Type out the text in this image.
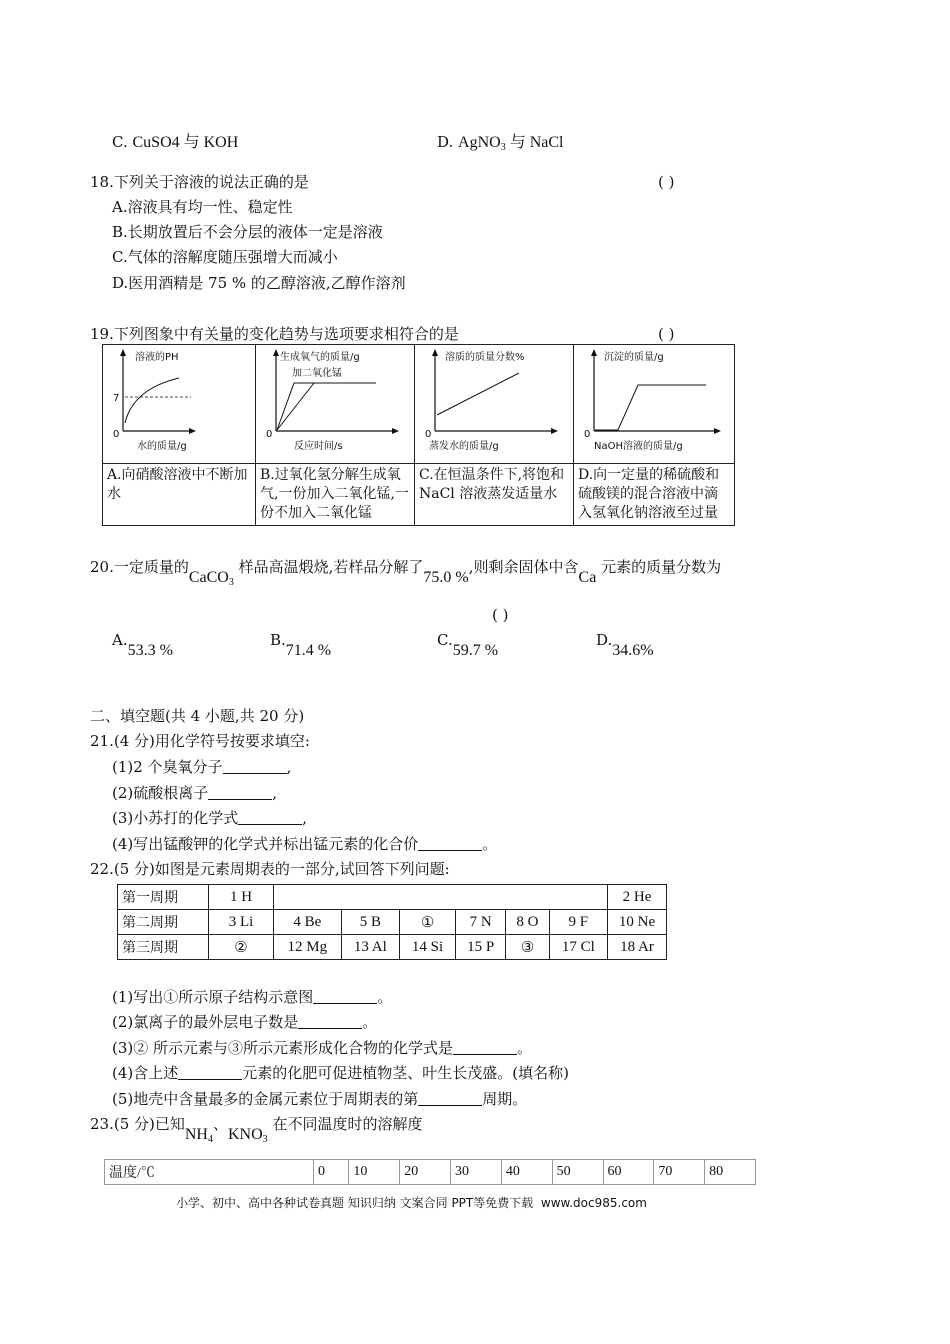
C. CuSO4 与 KOH	D. AgNO$_3$ 与 NaCl
18.下列关于溶液的说法正确的是	( )
A.溶液具有均一性、稳定性
B.长期放置后不会分层的液体一定是溶液
C.气体的溶解度随压强增大而减小
D.医用酒精是 75 % 的乙醇溶液,乙醇作溶剂
19.下列图象中有关量的变化趋势与选项要求相符合的是	( )
溶液的PH
7
0
水的质量/g	生成氧气的质量/g
加二氧化锰
0
反应时间/s	溶质的质量分数%
0
蒸发水的质量/g	沉淀的质量/g
0
NaOH溶液的质量/g

A.向硝酸溶液中不断加水	B.过氧化氢分解生成氧气,一份加入二氧化锰,一份不加入二氧化锰	C.在恒温条件下,将饱和 NaCl 溶液蒸发适量水	D.向一定量的稀硫酸和硫酸镁的混合溶液中滴入氢氧化钠溶液至过量
20.一定质量的CaCO$_3$ 样品高温煅烧,若样品分解了75.0 %,则剩余固体中含Ca 元素的质量分数为
( )
A.53.3 %
B.71.4 %
C.59.7 %
D.34.6%
二、填空题(共 4 小题,共 20 分)
21.(4 分)用化学符号按要求填空:
(1)2 个臭氧分子	,
(2)硫酸根离子	,
(3)小苏打的化学式	,
(4)写出锰酸钾的化学式并标出锰元素的化合价	。
22.(5 分)如图是元素周期表的一部分,试回答下列问题:
第一周期	1 H							2 He
第二周期	3 Li	4 Be	5 B	①	7 N	8 O	9 F	10 Ne
第三周期	②	12 Mg	13 Al	14 Si	15 P	③	17 Cl	18 Ar
(1)写出①所示原子结构示意图	。
(2)氯离子的最外层电子数是	。
(3)② 所示元素与③所示元素形成化合物的化学式是	。
(4)含上述	元素的化肥可促进植物茎、叶生长茂盛。(填名称)
(5)地壳中含量最多的金属元素位于周期表的第	周期。
23.(5 分)已知$NH_4$、$KNO_3$ 在不同温度时的溶解度
温度/℃	0	10	20	30	40	50	60	70	80
小学、初中、高中各种试卷真题 知识归纳 文案合同 PPT等免费下载 www.doc985.com
